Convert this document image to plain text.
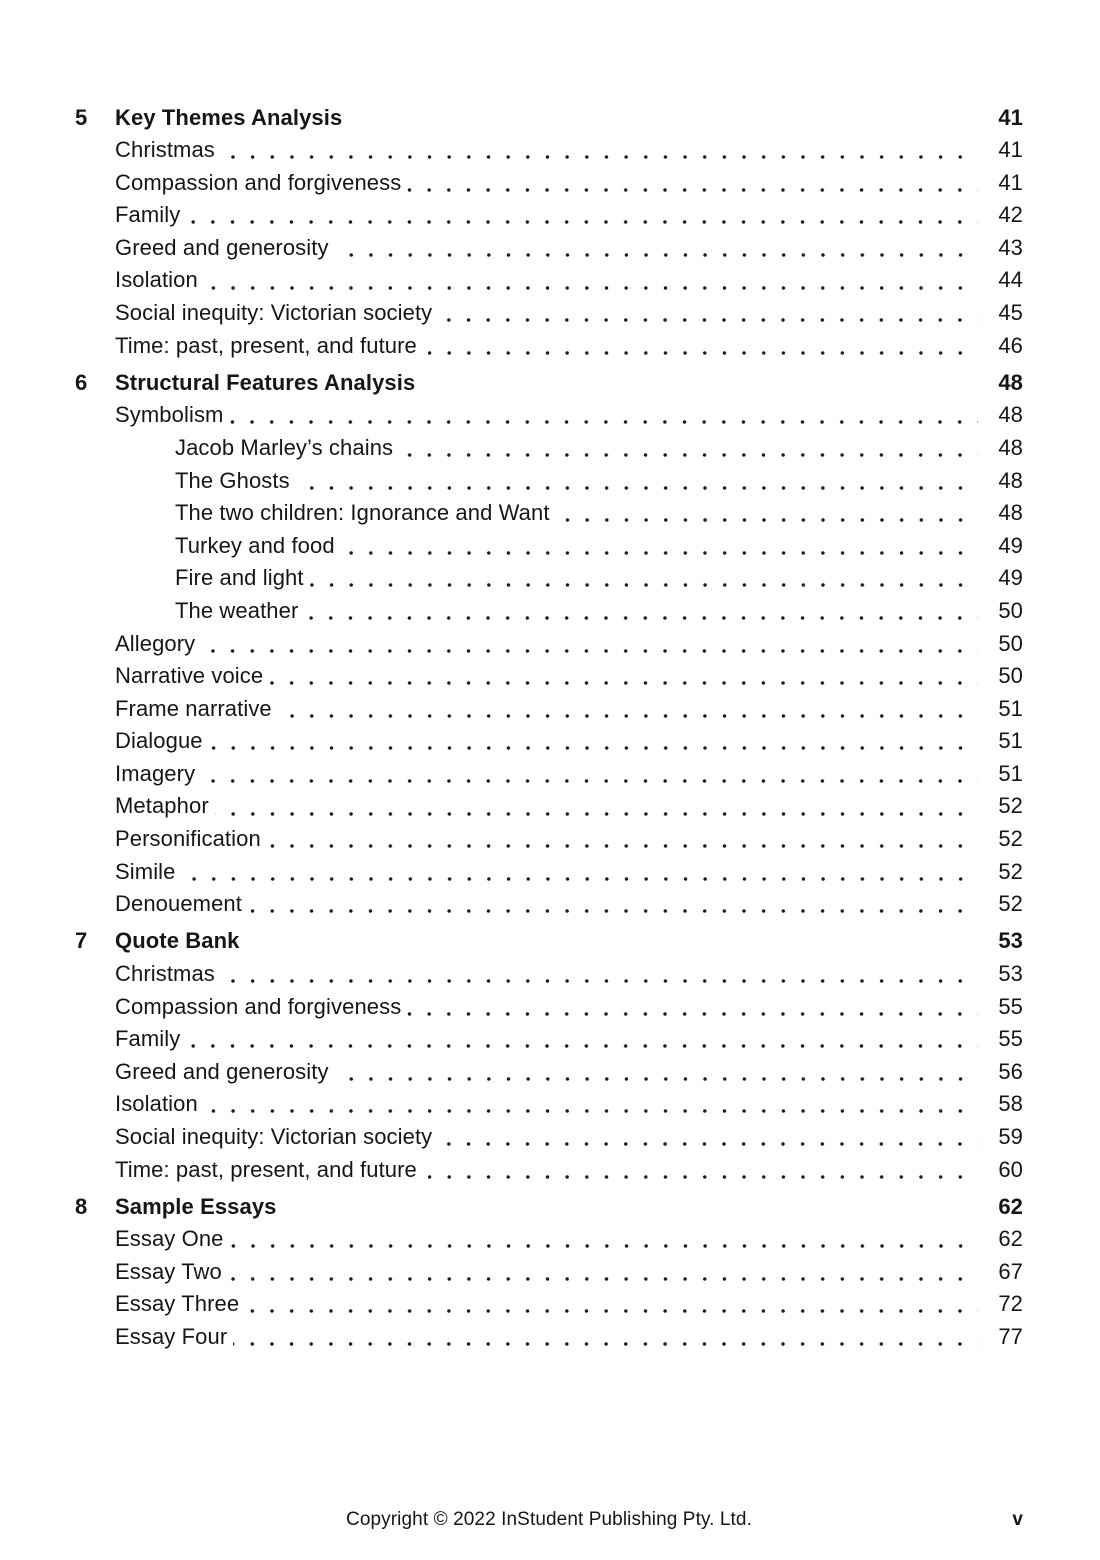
5	Key Themes Analysis	41
Christmas	41
Compassion and forgiveness	41
Family	42
Greed and generosity	43
Isolation	44
Social inequity: Victorian society	45
Time: past, present, and future	46
6	Structural Features Analysis	48
Symbolism	48
Jacob Marley’s chains	48
The Ghosts	48
The two children: Ignorance and Want	48
Turkey and food	49
Fire and light	49
The weather	50
Allegory	50
Narrative voice	50
Frame narrative	51
Dialogue	51
Imagery	51
Metaphor	52
Personification	52
Simile	52
Denouement	52
7	Quote Bank	53
Christmas	53
Compassion and forgiveness	55
Family	55
Greed and generosity	56
Isolation	58
Social inequity: Victorian society	59
Time: past, present, and future	60
8	Sample Essays	62
Essay One	62
Essay Two	67
Essay Three	72
Essay Four	77
Copyright © 2022 InStudent Publishing Pty. Ltd.	v
